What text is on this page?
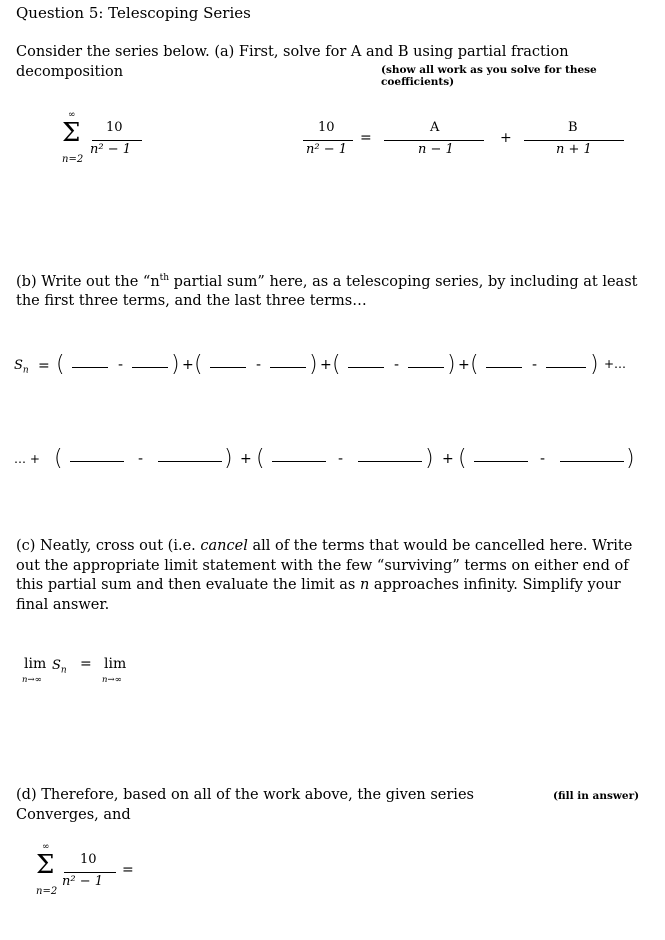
Question 5: Telescoping Series
Consider the series below. (a) First, solve for A and B using partial fraction decomposition	(show all work as you solve for these coefficients)
∞
Σ
n=2
10
n² − 1
10
n² − 1
=
A
n − 1
+
B
n + 1
(b) Write out the “$n^{th}$ partial sum” here, as a telescoping series, by including at least the first three terms, and the last three terms…
$S_n$ = (	- ) + (	- ) + (	- ) + (	- ) +…
… + (	-	) + (	-	) + (	-	)
(c) Neatly, cross out (i.e. cancel all of the terms that would be cancelled here. Write out the appropriate limit statement with the few “surviving” terms on either end of this partial sum and then evaluate the limit as n approaches infinity. Simplify your final answer.
$\lim S_n$
n→∞
= lim
n→∞
(d) Therefore, based on all of the work above, the given series Converges, and
(fill in answer)
∞
Σ
n=2
10
n² − 1
=
